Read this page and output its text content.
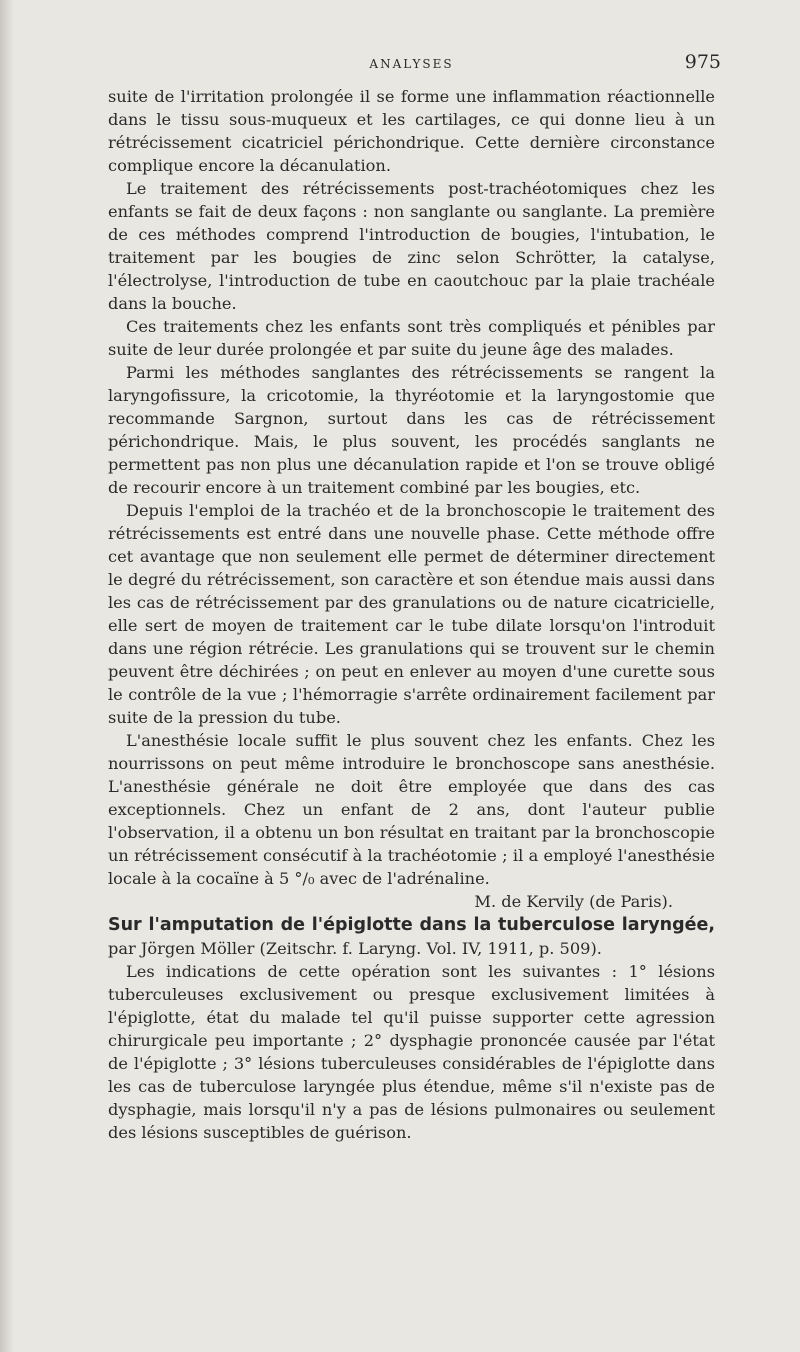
ANALYSES	975

suite de l'irritation prolongée il se forme une inflammation réactionnelle dans le tissu sous-muqueux et les cartilages, ce qui donne lieu à un rétrécissement cicatriciel périchondrique. Cette dernière circonstance complique encore la décanulation.

Le traitement des rétrécissements post-trachéotomiques chez les enfants se fait de deux façons : non sanglante ou sanglante. La première de ces méthodes comprend l'introduction de bougies, l'intubation, le traitement par les bougies de zinc selon Schrötter, la catalyse, l'électrolyse, l'introduction de tube en caoutchouc par la plaie trachéale dans la bouche.

Ces traitements chez les enfants sont très compliqués et pénibles par suite de leur durée prolongée et par suite du jeune âge des malades.

Parmi les méthodes sanglantes des rétrécissements se rangent la laryngofissure, la cricotomie, la thyréotomie et la laryngostomie que recommande Sargnon, surtout dans les cas de rétrécissement périchondrique. Mais, le plus souvent, les procédés sanglants ne permettent pas non plus une décanulation rapide et l'on se trouve obligé de recourir encore à un traitement combiné par les bougies, etc.

Depuis l'emploi de la trachéo et de la bronchoscopie le traitement des rétrécissements est entré dans une nouvelle phase. Cette méthode offre cet avantage que non seulement elle permet de déterminer directement le degré du rétrécissement, son caractère et son étendue mais aussi dans les cas de rétrécissement par des granulations ou de nature cicatricielle, elle sert de moyen de traitement car le tube dilate lorsqu'on l'introduit dans une région rétrécie. Les granulations qui se trouvent sur le chemin peuvent être déchirées ; on peut en enlever au moyen d'une curette sous le contrôle de la vue ; l'hémorragie s'arrête ordinairement facilement par suite de la pression du tube.

L'anesthésie locale suffit le plus souvent chez les enfants. Chez les nourrissons on peut même introduire le bronchoscope sans anesthésie. L'anesthésie générale ne doit être employée que dans des cas exceptionnels. Chez un enfant de 2 ans, dont l'auteur publie l'observation, il a obtenu un bon résultat en traitant par la bronchoscopie un rétrécissement consécutif à la trachéotomie ; il a employé l'anesthésie locale à la cocaïne à 5 °/₀ avec de l'adrénaline.

M. de Kervily (de Paris).
Sur l'amputation de l'épiglotte dans la tuberculose laryngée, par Jörgen Möller (Zeitschr. f. Laryng. Vol. IV, 1911, p. 509).

Les indications de cette opération sont les suivantes : 1° lésions tuberculeuses exclusivement ou presque exclusivement limitées à l'épiglotte, état du malade tel qu'il puisse supporter cette agression chirurgicale peu importante ; 2° dysphagie prononcée causée par l'état de l'épiglotte ; 3° lésions tuberculeuses considérables de l'épiglotte dans les cas de tuberculose laryngée plus étendue, même s'il n'existe pas de dysphagie, mais lorsqu'il n'y a pas de lésions pulmonaires ou seulement des lésions susceptibles de guérison.
